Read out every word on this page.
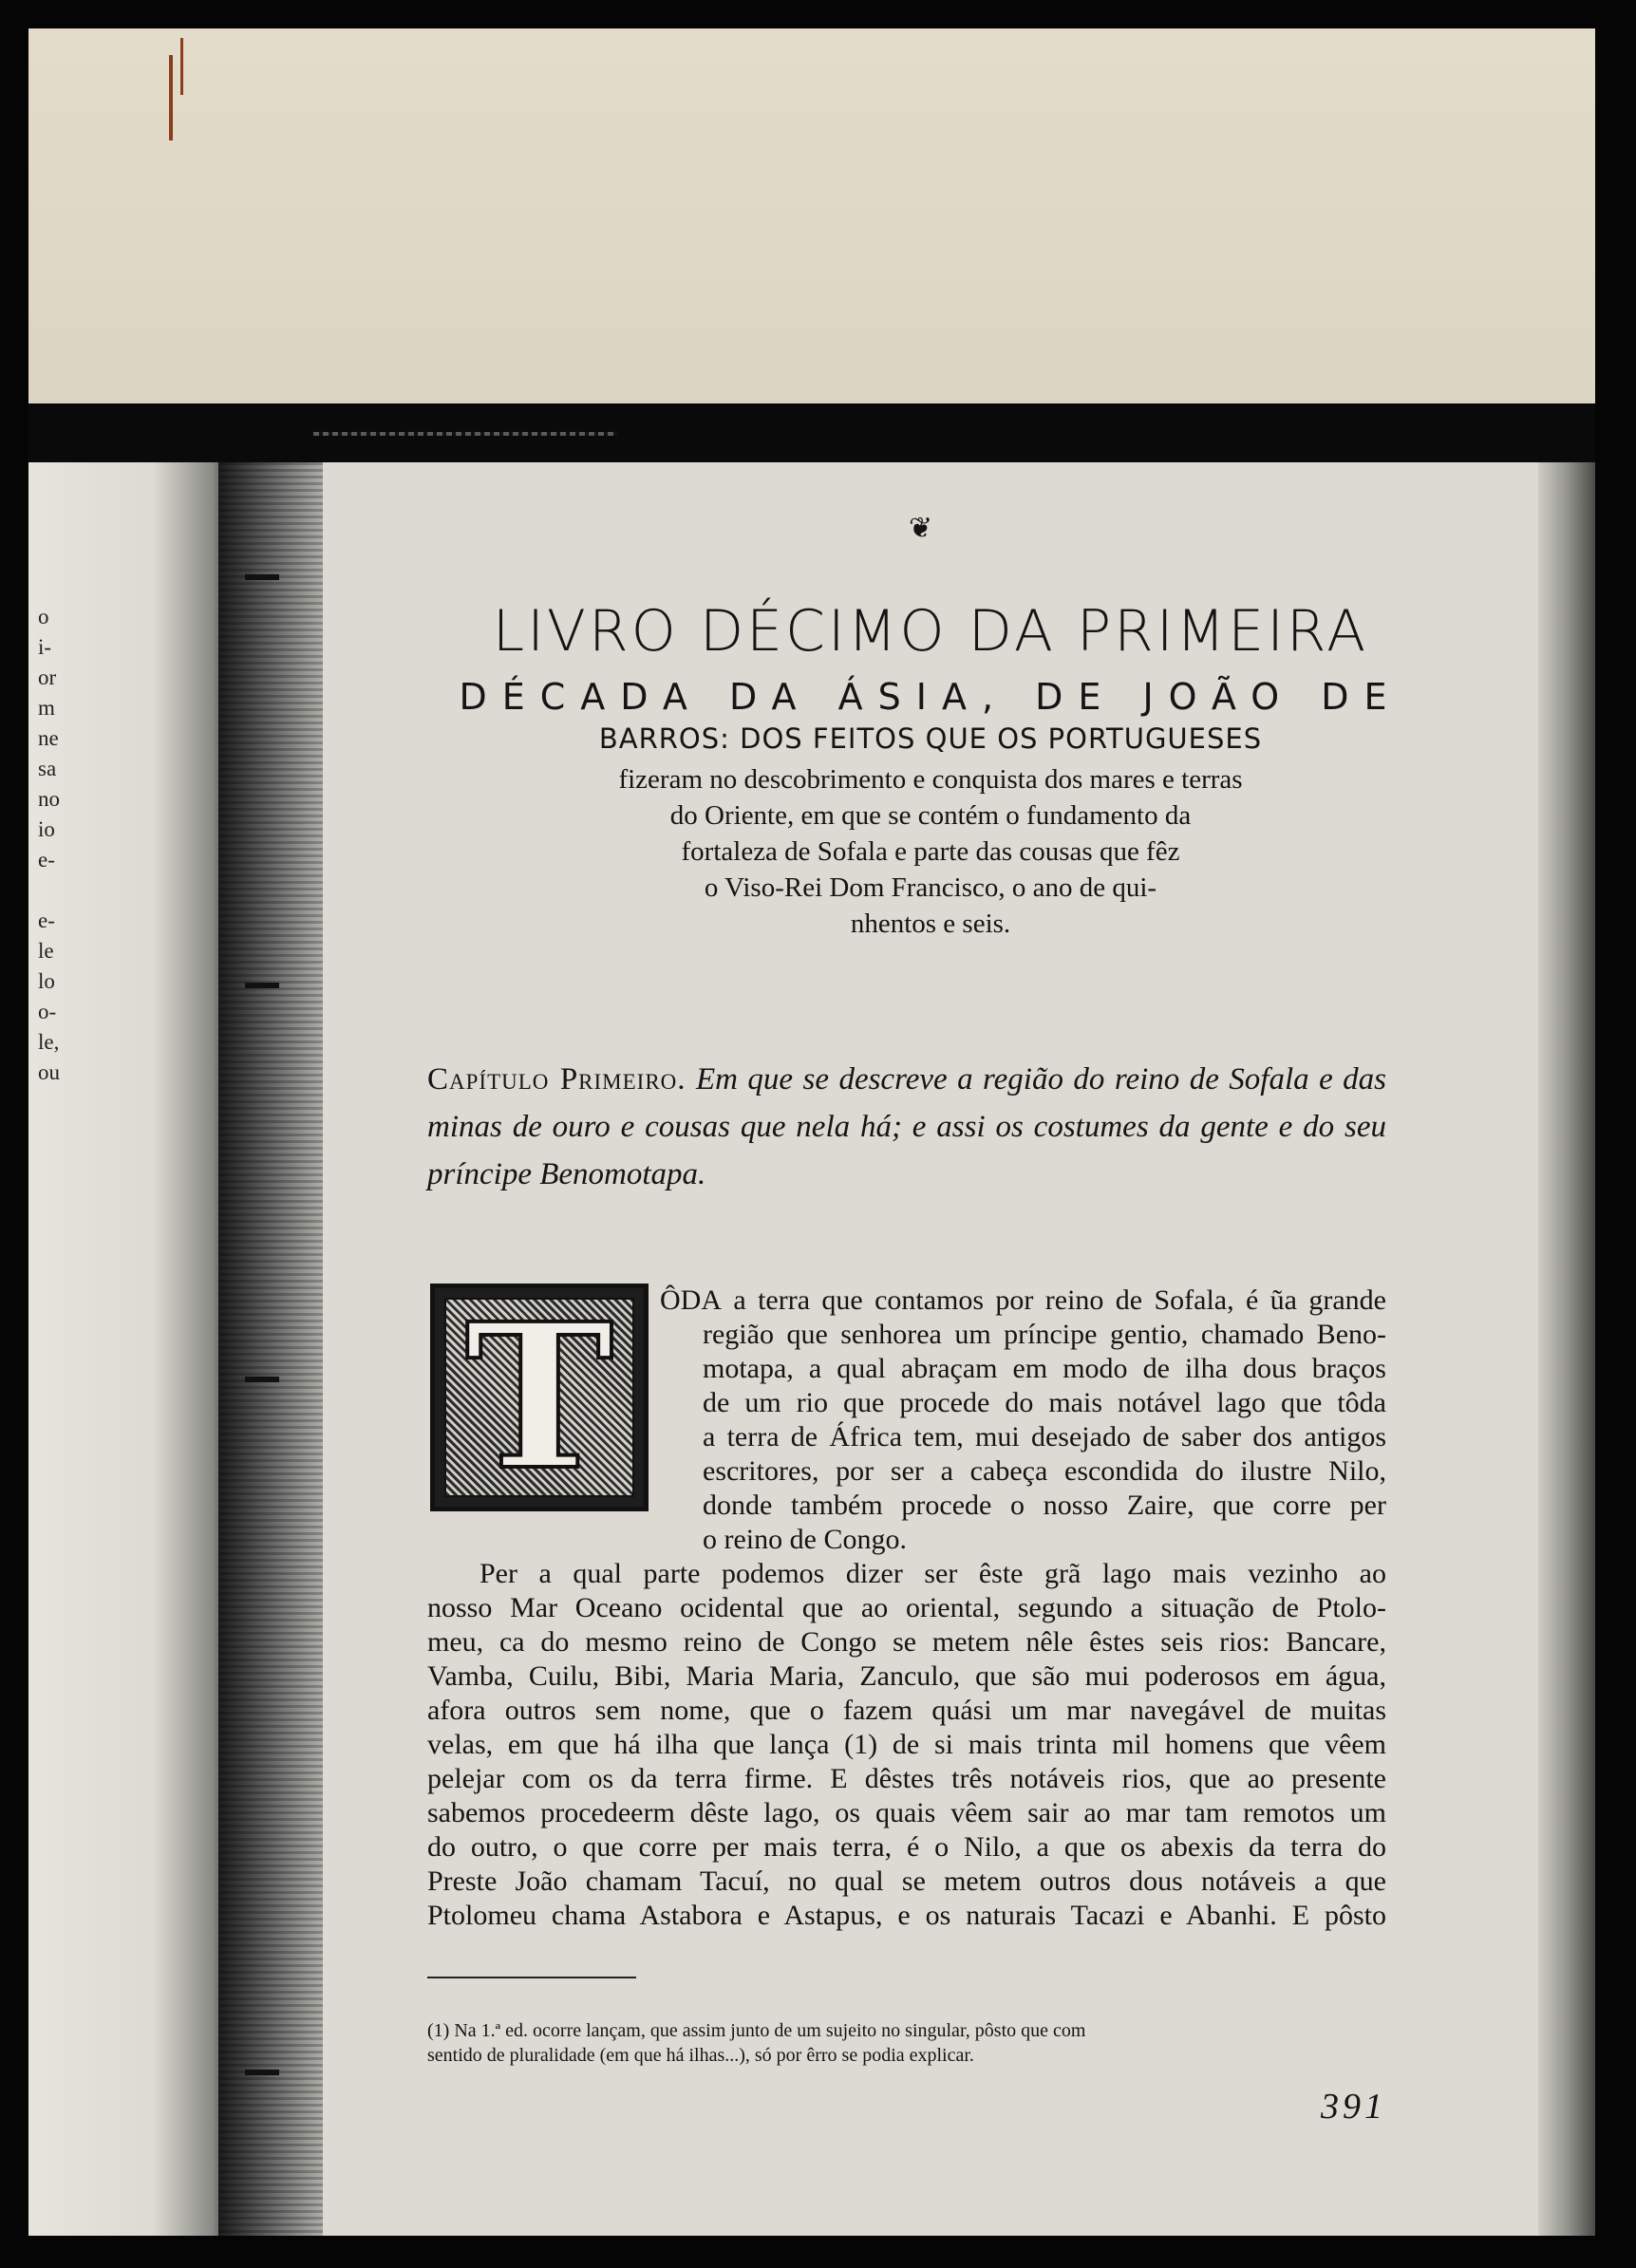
o
i-
or
m
ne
sa
no
io
e-
e-
le
lo
o-
le,
ou
❦
LIVRO DÉCIMO DA PRIMEIRA
DÉCADA DA ÁSIA, DE JOÃO DE
BARROS: DOS FEITOS QUE OS PORTUGUESES
fizeram no descobrimento e conquista dos mares e terras
do Oriente, em que se contém o fundamento da
fortaleza de Sofala e parte das cousas que fêz
o Viso-Rei Dom Francisco, o ano de qui-
nhentos e seis.
Capítulo Primeiro. Em que se descreve a região do reino de Sofala e das minas de ouro e cousas que nela há; e assi os costumes da gente e do seu príncipe Benomotapa.
T	ÔDA a terra que contamos por reino de Sofala, é ũa grande
região que senhorea um príncipe gentio, chamado Beno-
motapa, a qual abraçam em modo de ilha dous braços
de um rio que procede do mais notável lago que tôda
a terra de África tem, mui desejado de saber dos antigos
escritores, por ser a cabeça escondida do ilustre Nilo,
donde também procede o nosso Zaire, que corre per
o reino de Congo.
Per a qual parte podemos dizer ser êste grã lago mais vezinho ao
nosso Mar Oceano ocidental que ao oriental, segundo a situação de Ptolo-
meu, ca do mesmo reino de Congo se metem nêle êstes seis rios: Bancare,
Vamba, Cuilu, Bibi, Maria Maria, Zanculo, que são mui poderosos em água,
afora outros sem nome, que o fazem quási um mar navegável de muitas
velas, em que há ilha que lança (1) de si mais trinta mil homens que vêem
pelejar com os da terra firme. E dêstes três notáveis rios, que ao presente
sabemos procedeerm dêste lago, os quais vêem sair ao mar tam remotos um
do outro, o que corre per mais terra, é o Nilo, a que os abexis da terra do
Preste João chamam Tacuí, no qual se metem outros dous notáveis a que
Ptolomeu chama Astabora e Astapus, e os naturais Tacazi e Abanhi. E pôsto
(1) Na 1.ª ed. ocorre lançam, que assim junto de um sujeito no singular, pôsto que com
sentido de pluralidade (em que há ilhas...), só por êrro se podia explicar.
391
